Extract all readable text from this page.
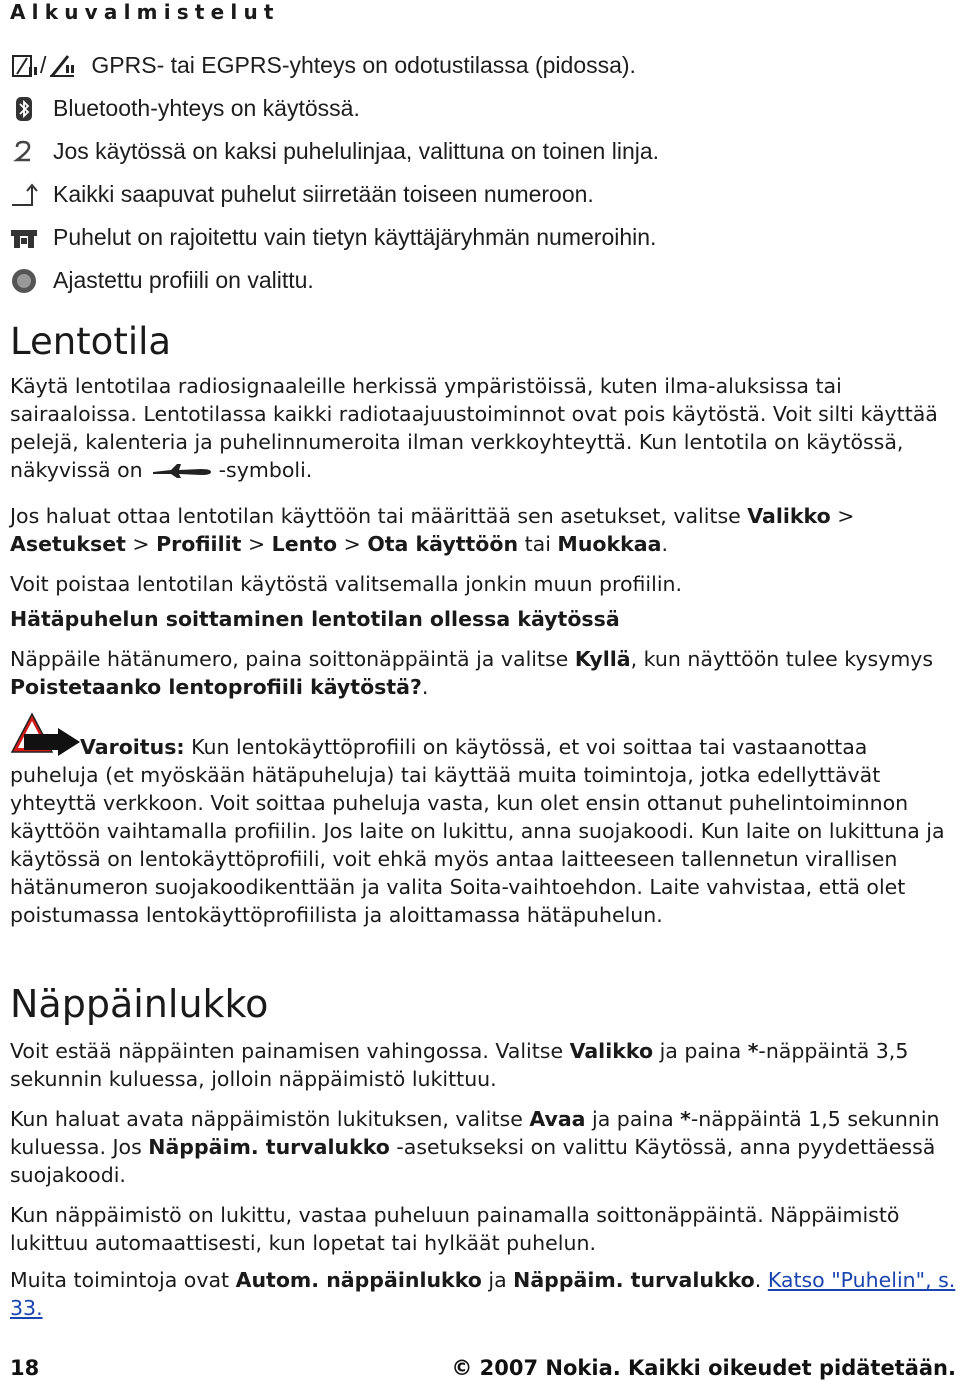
Alkuvalmistelut
/ GPRS- tai EGPRS-yhteys on odotustilassa (pidossa).
Bluetooth-yhteys on käytössä.
Jos käytössä on kaksi puhelulinjaa, valittuna on toinen linja.
Kaikki saapuvat puhelut siirretään toiseen numeroon.
Puhelut on rajoitettu vain tietyn käyttäjäryhmän numeroihin.
Ajastettu profiili on valittu.
Lentotila

Käytä lentotilaa radiosignaaleille herkissä ympäristöissä, kuten ilma-aluksissa tai sairaaloissa. Lentotilassa kaikki radiotaajuustoiminnot ovat pois käytöstä. Voit silti käyttää pelejä, kalenteria ja puhelinnumeroita ilman verkkoyhteyttä. Kun lentotila on käytössä, näkyvissä on	-symboli.

Jos haluat ottaa lentotilan käyttöön tai määrittää sen asetukset, valitse Valikko > Asetukset > Profiilit > Lento > Ota käyttöön tai Muokkaa.

Voit poistaa lentotilan käytöstä valitsemalla jonkin muun profiilin.

Hätäpuhelun soittaminen lentotilan ollessa käytössä

Näppäile hätänumero, paina soittonäppäintä ja valitse Kyllä, kun näyttöön tulee kysymys Poistetaanko lentoprofiili käytöstä?.

Varoitus: Kun lentokäyttöprofiili on käytössä, et voi soittaa tai vastaanottaa puheluja (et myöskään hätäpuheluja) tai käyttää muita toimintoja, jotka edellyttävät yhteyttä verkkoon. Voit soittaa puheluja vasta, kun olet ensin ottanut puhelintoiminnon käyttöön vaihtamalla profiilin. Jos laite on lukittu, anna suojakoodi. Kun laite on lukittuna ja käytössä on lentokäyttöprofiili, voit ehkä myös antaa laitteeseen tallennetun virallisen hätänumeron suojakoodikenttään ja valita Soita-vaihtoehdon. Laite vahvistaa, että olet poistumassa lentokäyttöprofiilista ja aloittamassa hätäpuhelun.

Näppäinlukko

Voit estää näppäinten painamisen vahingossa. Valitse Valikko ja paina *-näppäintä 3,5 sekunnin kuluessa, jolloin näppäimistö lukittuu.

Kun haluat avata näppäimistön lukituksen, valitse Avaa ja paina *-näppäintä 1,5 sekunnin kuluessa. Jos Näppäim. turvalukko -asetukseksi on valittu Käytössä, anna pyydettäessä suojakoodi.

Kun näppäimistö on lukittu, vastaa puheluun painamalla soittonäppäintä. Näppäimistö lukittuu automaattisesti, kun lopetat tai hylkäät puhelun.

Muita toimintoja ovat Autom. näppäinlukko ja Näppäim. turvalukko. Katso "Puhelin", s. 33.

18	© 2007 Nokia. Kaikki oikeudet pidätetään.
